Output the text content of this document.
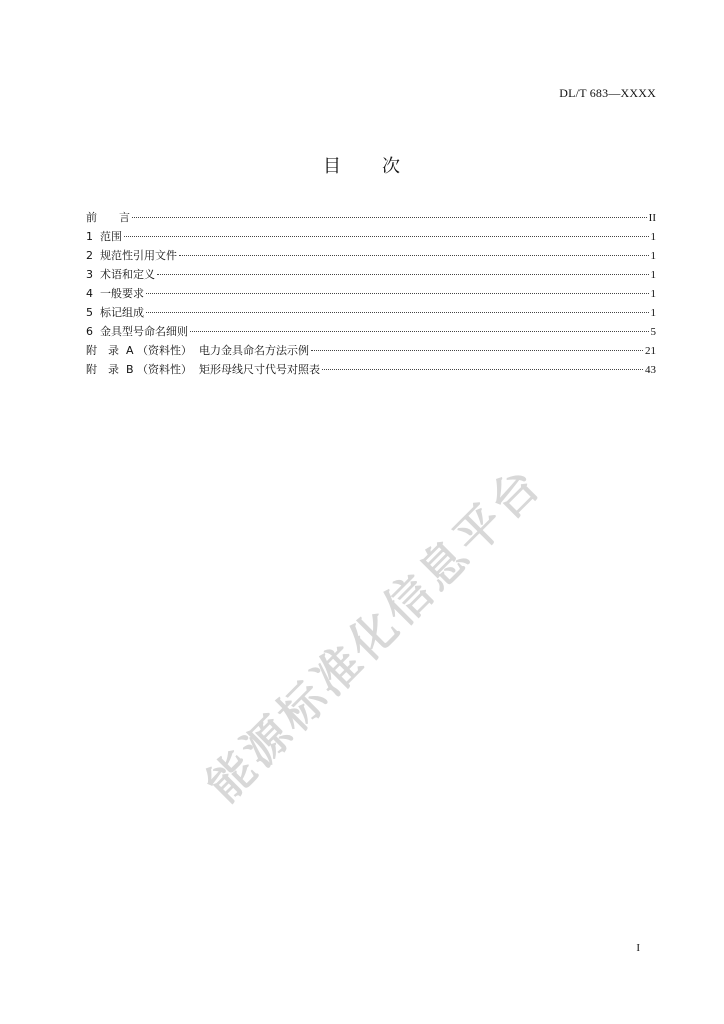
DL/T 683—XXXX
目 次
前　　言	II
1  范围	1
2  规范性引用文件	1
3  术语和定义	1
4  一般要求	1
5  标记组成	1
6  金具型号命名细则	5
附　录  A （资料性）  电力金具命名方法示例	21
附　录  B （资料性）  矩形母线尺寸代号对照表	43
能源标准化信息平台
I
